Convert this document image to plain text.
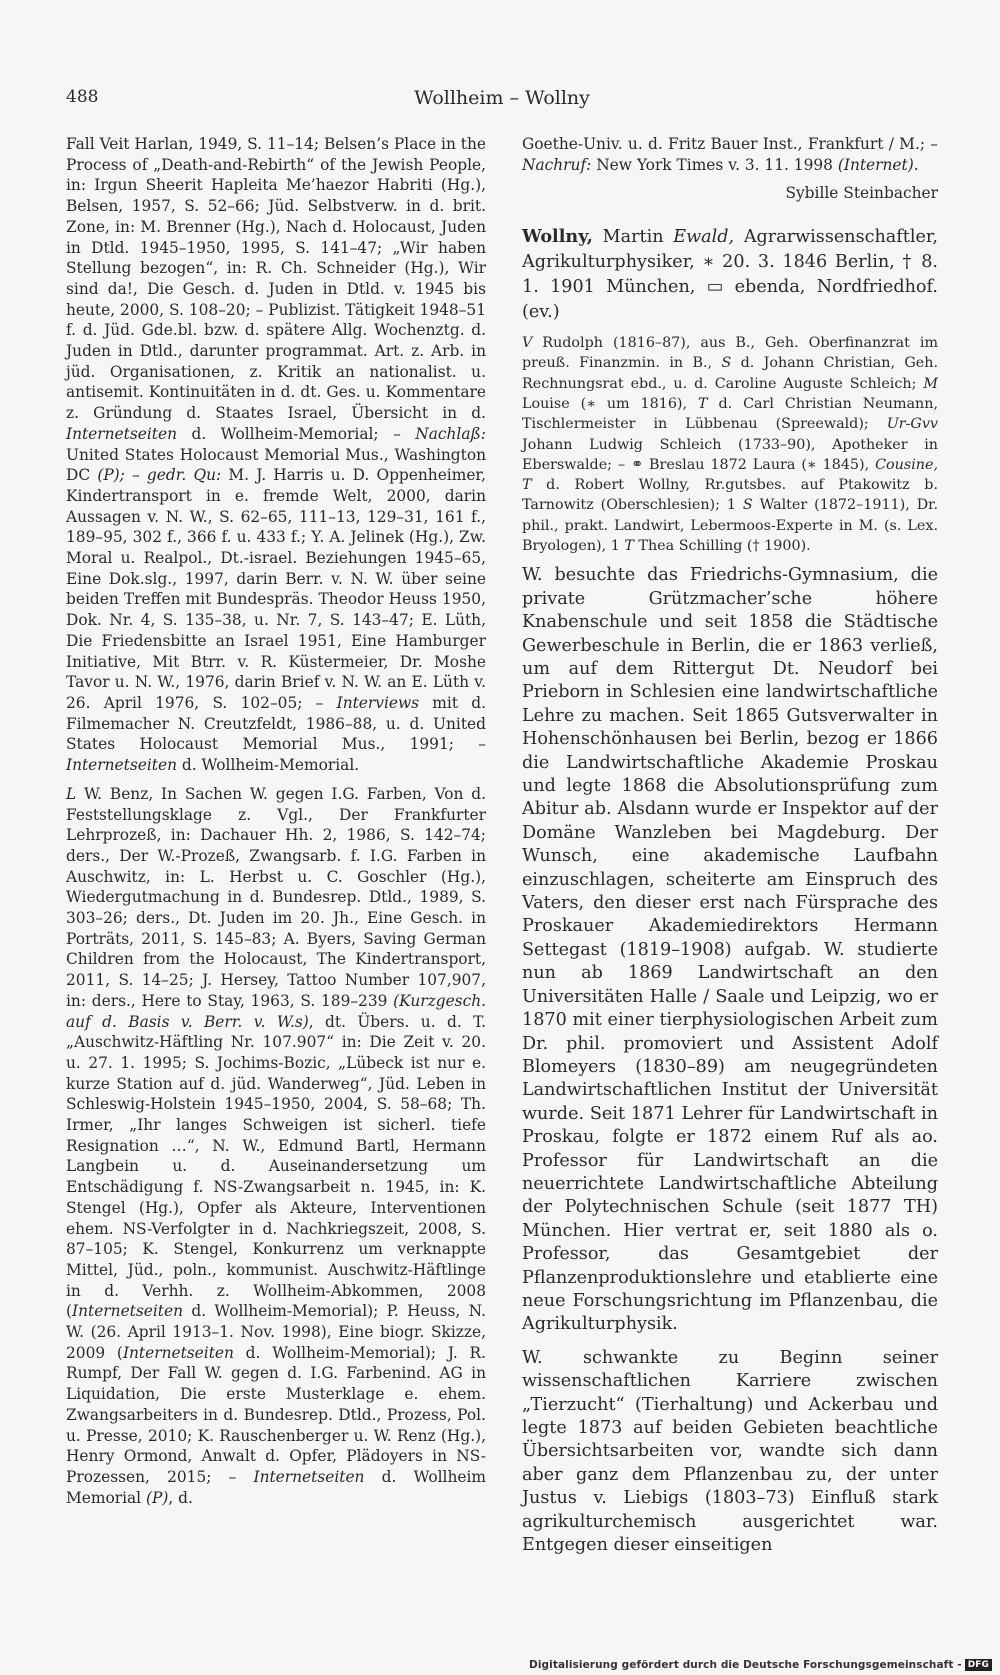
488	Wollheim – Wollny

Fall Veit Harlan, 1949, S. 11–14; Belsen’s Place in the Process of „Death-and-Rebirth“ of the Jewish People, in: Irgun Sheerit Hapleita Me’haezor Habriti (Hg.), Belsen, 1957, S. 52–66; Jüd. Selbstverw. in d. brit. Zone, in: M. Brenner (Hg.), Nach d. Holocaust, Juden in Dtld. 1945–1950, 1995, S. 141–47; „Wir haben Stellung bezogen“, in: R. Ch. Schneider (Hg.), Wir sind da!, Die Gesch. d. Juden in Dtld. v. 1945 bis heute, 2000, S. 108–20; – Publizist. Tätigkeit 1948–51 f. d. Jüd. Gde.bl. bzw. d. spätere Allg. Wochenztg. d. Juden in Dtld., darunter programmat. Art. z. Arb. in jüd. Organisationen, z. Kritik an nationalist. u. antisemit. Kontinuitäten in d. dt. Ges. u. Kommentare z. Gründung d. Staates Israel, Übersicht in d. Internetseiten d. Wollheim-Memorial; – Nachlaß: United States Holocaust Memorial Mus., Washington DC (P); – gedr. Qu: M. J. Harris u. D. Oppenheimer, Kindertransport in e. fremde Welt, 2000, darin Aussagen v. N. W., S. 62–65, 111–13, 129–31, 161 f., 189–95, 302 f., 366 f. u. 433 f.; Y. A. Jelinek (Hg.), Zw. Moral u. Realpol., Dt.-israel. Beziehungen 1945–65, Eine Dok.slg., 1997, darin Berr. v. N. W. über seine beiden Treffen mit Bundespräs. Theodor Heuss 1950, Dok. Nr. 4, S. 135–38, u. Nr. 7, S. 143–47; E. Lüth, Die Friedensbitte an Israel 1951, Eine Hamburger Initiative, Mit Btrr. v. R. Küstermeier, Dr. Moshe Tavor u. N. W., 1976, darin Brief v. N. W. an E. Lüth v. 26. April 1976, S. 102–05; – Interviews mit d. Filmemacher N. Creutzfeldt, 1986–88, u. d. United States Holocaust Memorial Mus., 1991; – Internetseiten d. Wollheim-Memorial.

L W. Benz, In Sachen W. gegen I.G. Farben, Von d. Feststellungsklage z. Vgl., Der Frankfurter Lehrprozeß, in: Dachauer Hh. 2, 1986, S. 142–74; ders., Der W.-Prozeß, Zwangsarb. f. I.G. Farben in Auschwitz, in: L. Herbst u. C. Goschler (Hg.), Wiedergutmachung in d. Bundesrep. Dtld., 1989, S. 303–26; ders., Dt. Juden im 20. Jh., Eine Gesch. in Porträts, 2011, S. 145–83; A. Byers, Saving German Children from the Holocaust, The Kindertransport, 2011, S. 14–25; J. Hersey, Tattoo Number 107,907, in: ders., Here to Stay, 1963, S. 189–239 (Kurzgesch. auf d. Basis v. Berr. v. W.s), dt. Übers. u. d. T. „Auschwitz-Häftling Nr. 107.907“ in: Die Zeit v. 20. u. 27. 1. 1995; S. Jochims-Bozic, „Lübeck ist nur e. kurze Station auf d. jüd. Wanderweg“, Jüd. Leben in Schleswig-Holstein 1945–1950, 2004, S. 58–68; Th. Irmer, „Ihr langes Schweigen ist sicherl. tiefe Resignation …“, N. W., Edmund Bartl, Hermann Langbein u. d. Auseinandersetzung um Entschädigung f. NS-Zwangsarbeit n. 1945, in: K. Stengel (Hg.), Opfer als Akteure, Interventionen ehem. NS-Verfolgter in d. Nachkriegszeit, 2008, S. 87–105; K. Stengel, Konkurrenz um verknappte Mittel, Jüd., poln., kommunist. Auschwitz-Häftlinge in d. Verhh. z. Wollheim-Abkommen, 2008 (Internetseiten d. Wollheim-Memorial); P. Heuss, N. W. (26. April 1913–1. Nov. 1998), Eine biogr. Skizze, 2009 (Internetseiten d. Wollheim-Memorial); J. R. Rumpf, Der Fall W. gegen d. I.G. Farbenind. AG in Liquidation, Die erste Musterklage e. ehem. Zwangsarbeiters in d. Bundesrep. Dtld., Prozess, Pol. u. Presse, 2010; K. Rauschenberger u. W. Renz (Hg.), Henry Ormond, Anwalt d. Opfer, Plädoyers in NS-Prozessen, 2015; – Internetseiten d. Wollheim Memorial (P), d.

Goethe-Univ. u. d. Fritz Bauer Inst., Frankfurt / M.; – Nachruf: New York Times v. 3. 11. 1998 (Internet).

Sybille Steinbacher

Wollny, Martin Ewald, Agrarwissenschaftler, Agrikulturphysiker, ∗ 20. 3. 1846 Berlin, † 8. 1. 1901 München, ▭ ebenda, Nordfriedhof. (ev.)

V Rudolph (1816–87), aus B., Geh. Oberfinanzrat im preuß. Finanzmin. in B., S d. Johann Christian, Geh. Rechnungsrat ebd., u. d. Caroline Auguste Schleich; M Louise (∗ um 1816), T d. Carl Christian Neumann, Tischlermeister in Lübbenau (Spreewald); Ur-Gvv Johann Ludwig Schleich (1733–90), Apotheker in Eberswalde; – ⚭ Breslau 1872 Laura (∗ 1845), Cousine, T d. Robert Wollny, Rr.gutsbes. auf Ptakowitz b. Tarnowitz (Oberschlesien); 1 S Walter (1872–1911), Dr. phil., prakt. Landwirt, Lebermoos-Experte in M. (s. Lex. Bryologen), 1 T Thea Schilling († 1900).

W. besuchte das Friedrichs-Gymnasium, die private Grützmacher’sche höhere Knabenschule und seit 1858 die Städtische Gewerbeschule in Berlin, die er 1863 verließ, um auf dem Rittergut Dt. Neudorf bei Prieborn in Schlesien eine landwirtschaftliche Lehre zu machen. Seit 1865 Gutsverwalter in Hohenschönhausen bei Berlin, bezog er 1866 die Landwirtschaftliche Akademie Proskau und legte 1868 die Absolutionsprüfung zum Abitur ab. Alsdann wurde er Inspektor auf der Domäne Wanzleben bei Magdeburg. Der Wunsch, eine akademische Laufbahn einzuschlagen, scheiterte am Einspruch des Vaters, den dieser erst nach Fürsprache des Proskauer Akademiedirektors Hermann Settegast (1819–1908) aufgab. W. studierte nun ab 1869 Landwirtschaft an den Universitäten Halle / Saale und Leipzig, wo er 1870 mit einer tierphysiologischen Arbeit zum Dr. phil. promoviert und Assistent Adolf Blomeyers (1830–89) am neugegründeten Landwirtschaftlichen Institut der Universität wurde. Seit 1871 Lehrer für Landwirtschaft in Proskau, folgte er 1872 einem Ruf als ao. Professor für Landwirtschaft an die neuerrichtete Landwirtschaftliche Abteilung der Polytechnischen Schule (seit 1877 TH) München. Hier vertrat er, seit 1880 als o. Professor, das Gesamtgebiet der Pflanzenproduktionslehre und etablierte eine neue Forschungsrichtung im Pflanzenbau, die Agrikulturphysik.

W. schwankte zu Beginn seiner wissenschaftlichen Karriere zwischen „Tierzucht“ (Tierhaltung) und Ackerbau und legte 1873 auf beiden Gebieten beachtliche Übersichtsarbeiten vor, wandte sich dann aber ganz dem Pflanzenbau zu, der unter Justus v. Liebigs (1803–73) Einfluß stark agrikulturchemisch ausgerichtet war. Entgegen dieser einseitigen

Digitalisierung gefördert durch die Deutsche Forschungsgemeinschaft - DFG
